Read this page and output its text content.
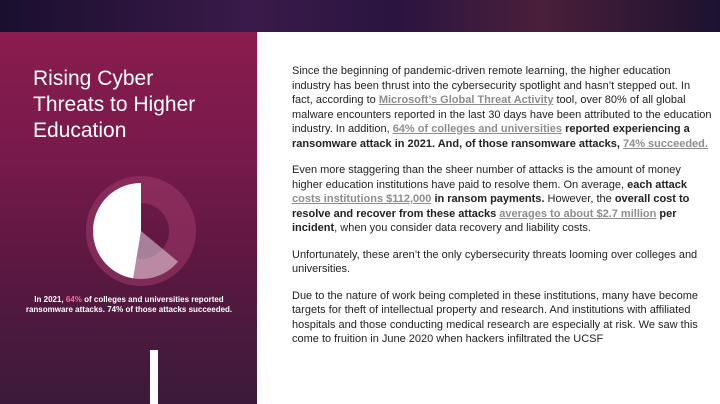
Rising Cyber
Threats to Higher
Education
In 2021, 64% of colleges and universities reported ransomware attacks. 74% of those attacks succeeded.

Since the beginning of pandemic-driven remote learning, the higher education industry has been thrust into the cybersecurity spotlight and hasn’t stepped out. In fact, according to Microsoft’s Global Threat Activity tool, over 80% of all global malware encounters reported in the last 30 days have been attributed to the education industry. In addition, 64% of colleges and universities reported experiencing a ransomware attack in 2021. And, of those ransomware attacks, 74% succeeded.

Even more staggering than the sheer number of attacks is the amount of money higher education institutions have paid to resolve them. On average, each attack costs institutions $112,000 in ransom payments. However, the overall cost to resolve and recover from these attacks averages to about $2.7 million per incident, when you consider data recovery and liability costs.

Unfortunately, these aren’t the only cybersecurity threats looming over colleges and universities.

Due to the nature of work being completed in these institutions, many have become targets for theft of intellectual property and research. And institutions with affiliated hospitals and those conducting medical research are especially at risk. We saw this come to fruition in June 2020 when hackers infiltrated the UCSF
